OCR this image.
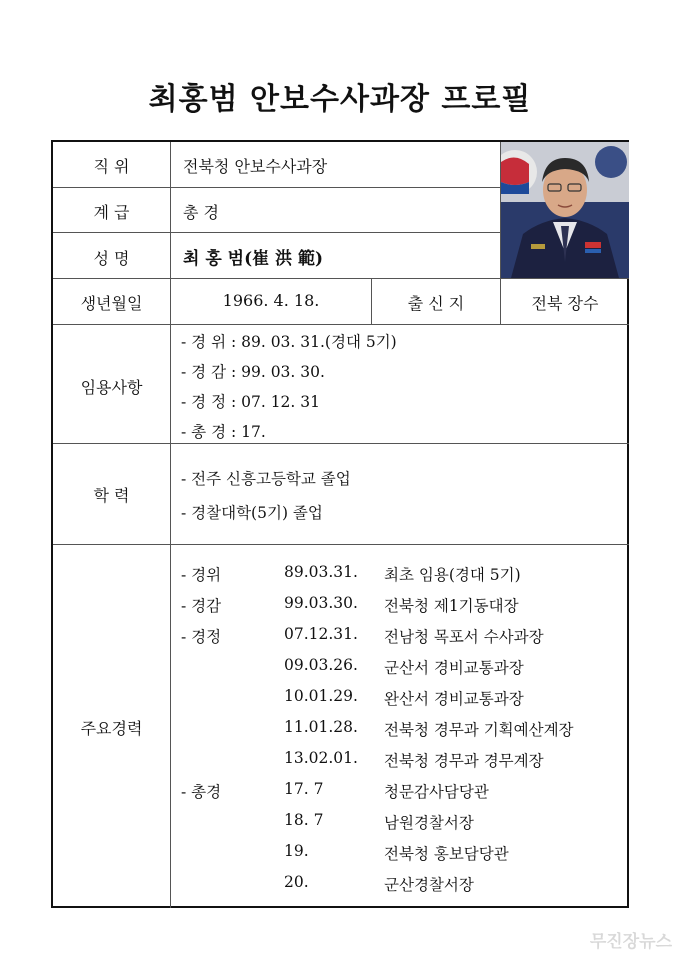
최홍범 안보수사과장 프로필
직 위	전북청 안보수사과장
계 급	총 경
성 명	최 홍 범(崔 洪 範)
생년월일	1966. 4. 18.	출 신 지	전북 장수
임용사항
- 경 위 : 89. 03. 31.(경대 5기)
- 경 감 : 99. 03. 30.
- 경 정 : 07. 12. 31
- 총 경 : 17.
학 력
- 전주 신흥고등학교 졸업
- 경찰대학(5기) 졸업
주요경력
- 경위	89.03.31. 최초 임용(경대 5기)
- 경감	99.03.30. 전북청 제1기동대장
- 경정	07.12.31. 전남청 목포서 수사과장
09.03.26. 군산서 경비교통과장
10.01.29. 완산서 경비교통과장
11.01.28. 전북청 경무과 기획예산계장
13.02.01. 전북청 경무과 경무계장
- 총경	17. 7	청문감사담당관
18. 7	남원경찰서장
19.	전북청 홍보담당관
20.	군산경찰서장
무진장뉴스
